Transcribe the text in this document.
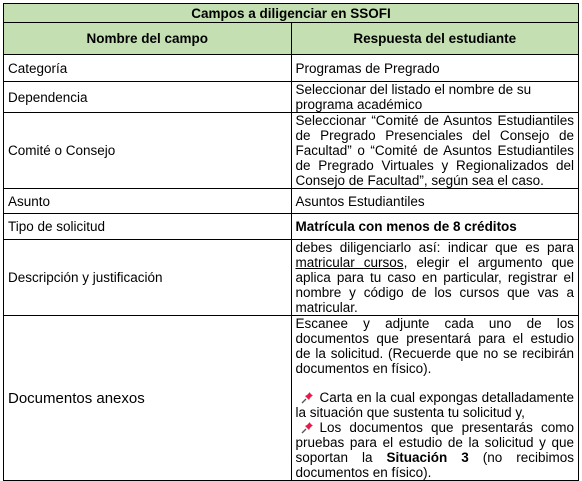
Campos a diligenciar en SSOFI	
Nombre del campo	Respuesta del estudiante
Categoría	Programas de Pregrado
Dependencia	Seleccionar del listado el nombre de su programa académico
Comité o Consejo	Seleccionar “Comité de Asuntos Estudiantiles de Pregrado Presenciales del Consejo de Facultad” o “Comité de Asuntos Estudiantiles de Pregrado Virtuales y Regionalizados del Consejo de Facultad”, según sea el caso.
Asunto	Asuntos Estudiantiles
Tipo de solicitud	Matrícula con menos de 8 créditos
Descripción y justificación	debes diligenciarlo así: indicar que es para matricular cursos, elegir el argumento que aplica para tu caso en particular, registrar el nombre y código de los cursos que vas a matricular.
Documentos anexos	Escanee y adjunte cada uno de los documentos que presentará para el estudio de la solicitud. (Recuerde que no se recibirán documentos en físico).
Carta en la cual expongas detalladamente la situación que sustenta tu solicitud y,
Los documentos que presentarás como pruebas para el estudio de la solicitud y que soportan la Situación 3 (no recibimos documentos en físico).
